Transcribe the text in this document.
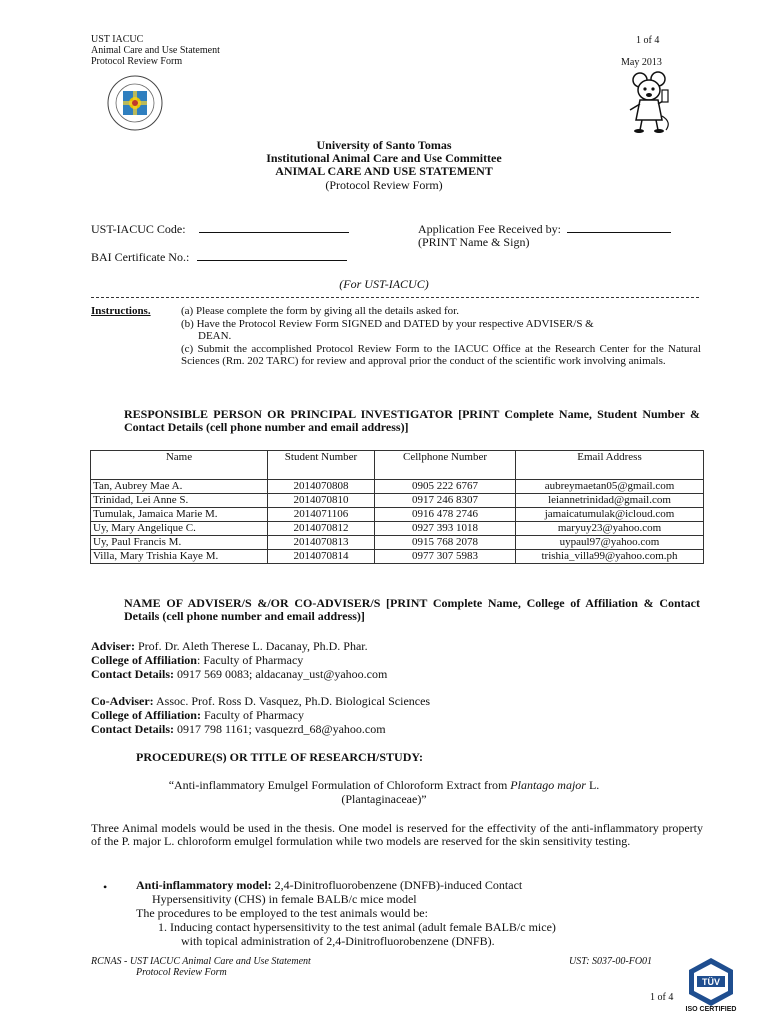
UST IACUC
Animal Care and Use Statement
Protocol Review Form
1 of 4
May 2013
University of Santo Tomas
Institutional Animal Care and Use Committee
ANIMAL CARE AND USE STATEMENT
(Protocol Review Form)
UST-IACUC Code:	Application Fee Received by:
(PRINT Name & Sign)
BAI Certificate No.:
(For UST-IACUC)
Instructions.	(a) Please complete the form by giving all the details asked for.
(b) Have the Protocol Review Form SIGNED and DATED by your respective ADVISER/S &
DEAN.
(c) Submit the accomplished Protocol Review Form to the IACUC Office at the Research Center for the Natural Sciences (Rm. 202 TARC) for review and approval prior the conduct of the scientific work involving animals.
RESPONSIBLE PERSON OR PRINCIPAL INVESTIGATOR [PRINT Complete Name, Student Number & Contact Details (cell phone number and email address)]
Name	Student Number	Cellphone Number	Email Address
Tan, Aubrey Mae A.	2014070808	0905 222 6767	aubreymaetan05@gmail.com
Trinidad, Lei Anne S.	2014070810	0917 246 8307	leiannetrinidad@gmail.com
Tumulak, Jamaica Marie M.	2014071106	0916 478 2746	jamaicatumulak@icloud.com
Uy, Mary Angelique C.	2014070812	0927 393 1018	maryuy23@yahoo.com
Uy, Paul Francis M.	2014070813	0915 768 2078	uypaul97@yahoo.com
Villa, Mary Trishia Kaye M.	2014070814	0977 307 5983	trishia_villa99@yahoo.com.ph
NAME OF ADVISER/S &/OR CO-ADVISER/S [PRINT Complete Name, College of Affiliation & Contact Details (cell phone number and email address)]
Adviser: Prof. Dr. Aleth Therese L. Dacanay, Ph.D. Phar.
College of Affiliation: Faculty of Pharmacy
Contact Details: 0917 569 0083; aldacanay_ust@yahoo.com
Co-Adviser: Assoc. Prof. Ross D. Vasquez, Ph.D. Biological Sciences
College of Affiliation: Faculty of Pharmacy
Contact Details: 0917 798 1161; vasquezrd_68@yahoo.com
PROCEDURE(S) OR TITLE OF RESEARCH/STUDY:
“Anti-inflammatory Emulgel Formulation of Chloroform Extract from Plantago major L.
(Plantaginaceae)”
Three Animal models would be used in the thesis. One model is reserved for the effectivity of the anti-inflammatory property of the P. major L. chloroform emulgel formulation while two models are reserved for the skin sensitivity testing.
• Anti-inflammatory model: 2,4-Dinitrofluorobenzene (DNFB)-induced Contact
Hypersensitivity (CHS) in female BALB/c mice model
The procedures to be employed to the test animals would be:
1. Inducing contact hypersensitivity to the test animal (adult female BALB/c mice)
with topical administration of 2,4-Dinitrofluorobenzene (DNFB).
RCNAS - UST IACUC Animal Care and Use Statement
Protocol Review Form
UST: S037-00-FO01
1 of 4
TÜV
ISO CERTIFIED
